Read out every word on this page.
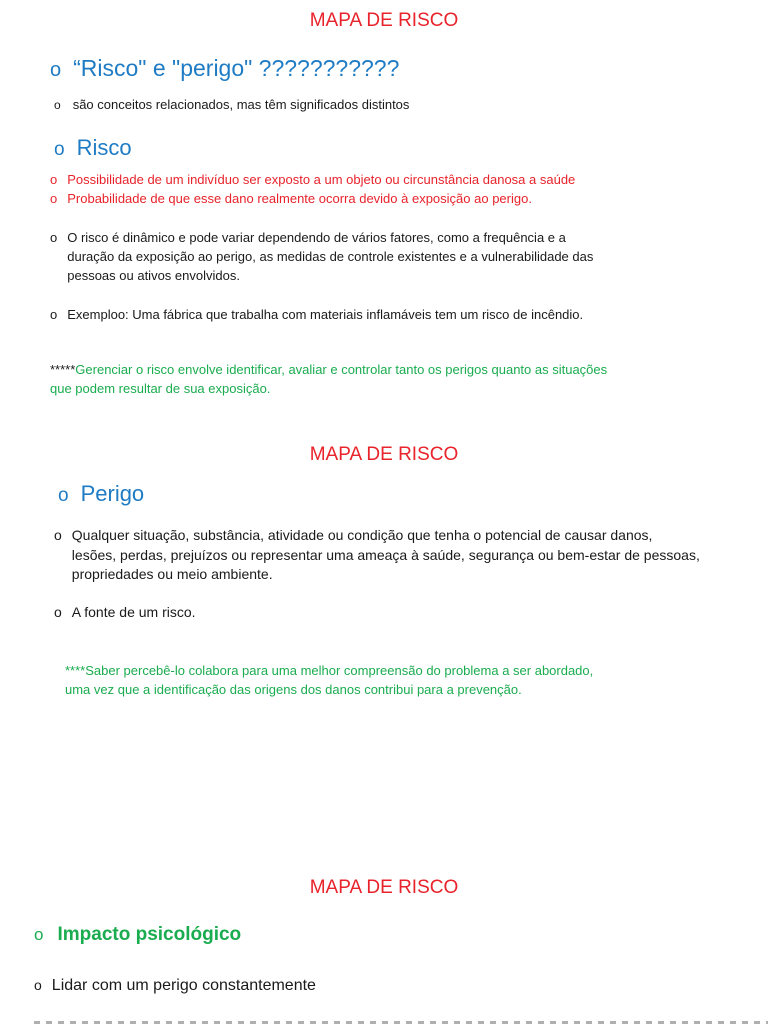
MAPA DE RISCO
o “Risco" e "perigo" ???????????
o são conceitos relacionados, mas têm significados distintos
o Risco
o Possibilidade de um indivíduo ser exposto a um objeto ou circunstância danosa a saúde
o Probabilidade de que esse dano realmente ocorra devido à exposição ao perigo.
o O risco é dinâmico e pode variar dependendo de vários fatores, como a frequência e a
duração da exposição ao perigo, as medidas de controle existentes e a vulnerabilidade das
pessoas ou ativos envolvidos.
o Exemploo: Uma fábrica que trabalha com materiais inflamáveis tem um risco de incêndio.
*****Gerenciar o risco envolve identificar, avaliar e controlar tanto os perigos quanto as situações
que podem resultar de sua exposição.
MAPA DE RISCO
o Perigo
o Qualquer situação, substância, atividade ou condição que tenha o potencial de causar danos,
lesões, perdas, prejuízos ou representar uma ameaça à saúde, segurança ou bem-estar de pessoas,
propriedades ou meio ambiente.
o A fonte de um risco.
****Saber percebê-lo colabora para uma melhor compreensão do problema a ser abordado,
uma vez que a identificação das origens dos danos contribui para a prevenção.
MAPA DE RISCO
o Impacto psicológico
o Lidar com um perigo constantemente
